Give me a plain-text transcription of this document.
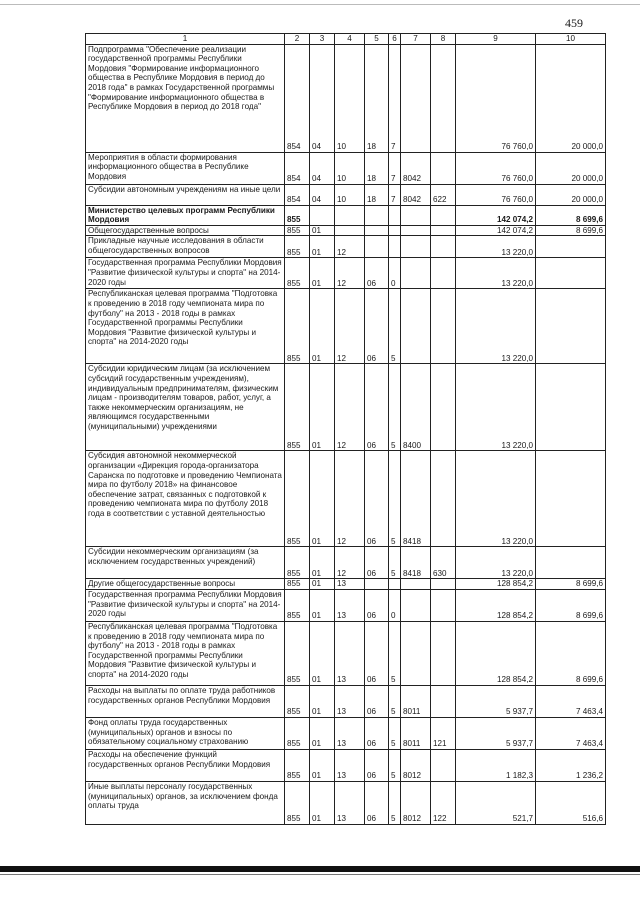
459
1	2	3	4	5	6	7	8	9	10
Подпрограмма "Обеспечение реализации государственной программы Республики Мордовия "Формирование информационного общества в Республике Мордовия в период до 2018 года" в рамках Государственной программы "Формирование информационного общества в Республике Мордовия в период до 2018 года"	854	04	10	18	7			76 760,0	20 000,0
Мероприятия в области формирования информационного общества в Республике Мордовия	854	04	10	18	7	8042		76 760,0	20 000,0
Субсидии автономным учреждениям на иные цели	854	04	10	18	7	8042	622	76 760,0	20 000,0
Министерство целевых программ Республики Мордовия	855							142 074,2	8 699,6
Общегосударственные вопросы	855	01						142 074,2	8 699,6
Прикладные научные исследования в области общегосударственных вопросов	855	01	12					13 220,0	
Государственная программа Республики Мордовия "Развитие физической культуры и спорта" на 2014-2020 годы	855	01	12	06	0			13 220,0	
Республиканская целевая программа "Подготовка к проведению в 2018 году чемпионата мира по футболу" на 2013 - 2018 годы в рамках Государственной программы Республики Мордовия "Развитие физической культуры и спорта" на 2014-2020 годы	855	01	12	06	5			13 220,0	
Субсидии юридическим лицам (за исключением субсидий государственным учреждениям), индивидуальным предпринимателям, физическим лицам - производителям товаров, работ, услуг, а также некоммерческим организациям, не являющимся государственными (муниципальными) учреждениями	855	01	12	06	5	8400		13 220,0	
Субсидия автономной некоммерческой организации «Дирекция города-организатора Саранска по подготовке и проведению Чемпионата мира по футболу 2018» на финансовое обеспечение затрат, связанных с подготовкой к проведению чемпионата мира по футболу 2018 года в соответствии с уставной деятельностью	855	01	12	06	5	8418		13 220,0	
Субсидии некоммерческим организациям (за исключением государственных учреждений)	855	01	12	06	5	8418	630	13 220,0	
Другие общегосударственные вопросы	855	01	13					128 854,2	8 699,6
Государственная программа Республики Мордовия "Развитие физической культуры и спорта" на 2014-2020 годы	855	01	13	06	0			128 854,2	8 699,6
Республиканская целевая программа "Подготовка к проведению в 2018 году чемпионата мира по футболу" на 2013 - 2018 годы в рамках Государственной программы Республики Мордовия "Развитие физической культуры и спорта" на 2014-2020 годы	855	01	13	06	5			128 854,2	8 699,6
Расходы на выплаты по оплате труда работников государственных органов Республики Мордовия	855	01	13	06	5	8011		5 937,7	7 463,4
Фонд оплаты труда государственных (муниципальных) органов и взносы по обязательному социальному страхованию	855	01	13	06	5	8011	121	5 937,7	7 463,4
Расходы на обеспечение функций государственных органов Республики Мордовия	855	01	13	06	5	8012		1 182,3	1 236,2
Иные выплаты персоналу государственных (муниципальных) органов, за исключением фонда оплаты труда	855	01	13	06	5	8012	122	521,7	516,6
